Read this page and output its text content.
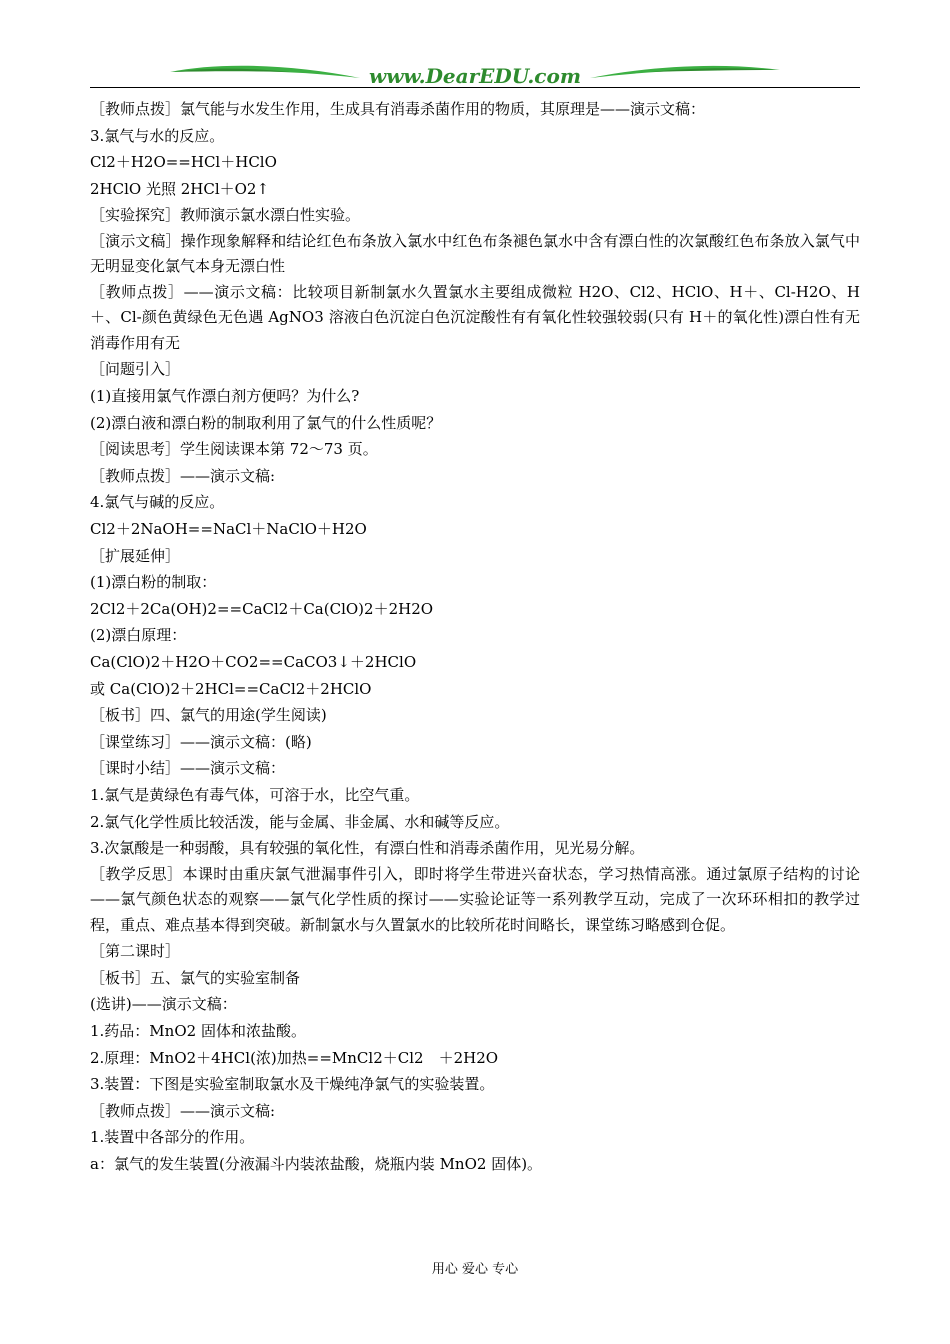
www.DearEDU.com
［教师点拨］氯气能与水发生作用，生成具有消毒杀菌作用的物质，其原理是——演示文稿：
3.氯气与水的反应。
Cl2＋H2O==HCl＋HClO
2HClO 光照 2HCl＋O2↑
［实验探究］教师演示氯水漂白性实验。
［演示文稿］操作现象解释和结论红色布条放入氯水中红色布条褪色氯水中含有漂白性的次氯酸红色布条放入氯气中无明显变化氯气本身无漂白性
［教师点拨］——演示文稿：比较项目新制氯水久置氯水主要组成微粒 H2O、Cl2、HClO、H＋、Cl-H2O、H＋、Cl-颜色黄绿色无色遇 AgNO3 溶液白色沉淀白色沉淀酸性有有氧化性较强较弱(只有 H＋的氧化性)漂白性有无消毒作用有无
［问题引入］
(1)直接用氯气作漂白剂方便吗？为什么?
(2)漂白液和漂白粉的制取利用了氯气的什么性质呢？
［阅读思考］学生阅读课本第 72～73 页。
［教师点拨］——演示文稿:
4.氯气与碱的反应。
Cl2＋2NaOH==NaCl＋NaClO＋H2O
［扩展延伸］
(1)漂白粉的制取：
2Cl2＋2Ca(OH)2==CaCl2＋Ca(ClO)2＋2H2O
(2)漂白原理：
Ca(ClO)2＋H2O＋CO2==CaCO3↓＋2HClO
或 Ca(ClO)2＋2HCl==CaCl2＋2HClO
［板书］四、氯气的用途(学生阅读)
［课堂练习］——演示文稿：(略)
［课时小结］——演示文稿：
1.氯气是黄绿色有毒气体，可溶于水，比空气重。
2.氯气化学性质比较活泼，能与金属、非金属、水和碱等反应。
3.次氯酸是一种弱酸，具有较强的氧化性，有漂白性和消毒杀菌作用，见光易分解。
［教学反思］本课时由重庆氯气泄漏事件引入，即时将学生带进兴奋状态，学习热情高涨。通过氯原子结构的讨论——氯气颜色状态的观察——氯气化学性质的探讨——实验论证等一系列教学互动，完成了一次环环相扣的教学过程，重点、难点基本得到突破。新制氯水与久置氯水的比较所花时间略长，课堂练习略感到仓促。
［第二课时］
［板书］五、氯气的实验室制备
(选讲)——演示文稿：
1.药品：MnO2 固体和浓盐酸。
2.原理：MnO2＋4HCl(浓)加热==MnCl2＋Cl2　＋2H2O
3.装置：下图是实验室制取氯水及干燥纯净氯气的实验装置。
［教师点拨］——演示文稿:
1.装置中各部分的作用。
a：氯气的发生装置(分液漏斗内装浓盐酸，烧瓶内装 MnO2 固体)。
用心 爱心 专心
